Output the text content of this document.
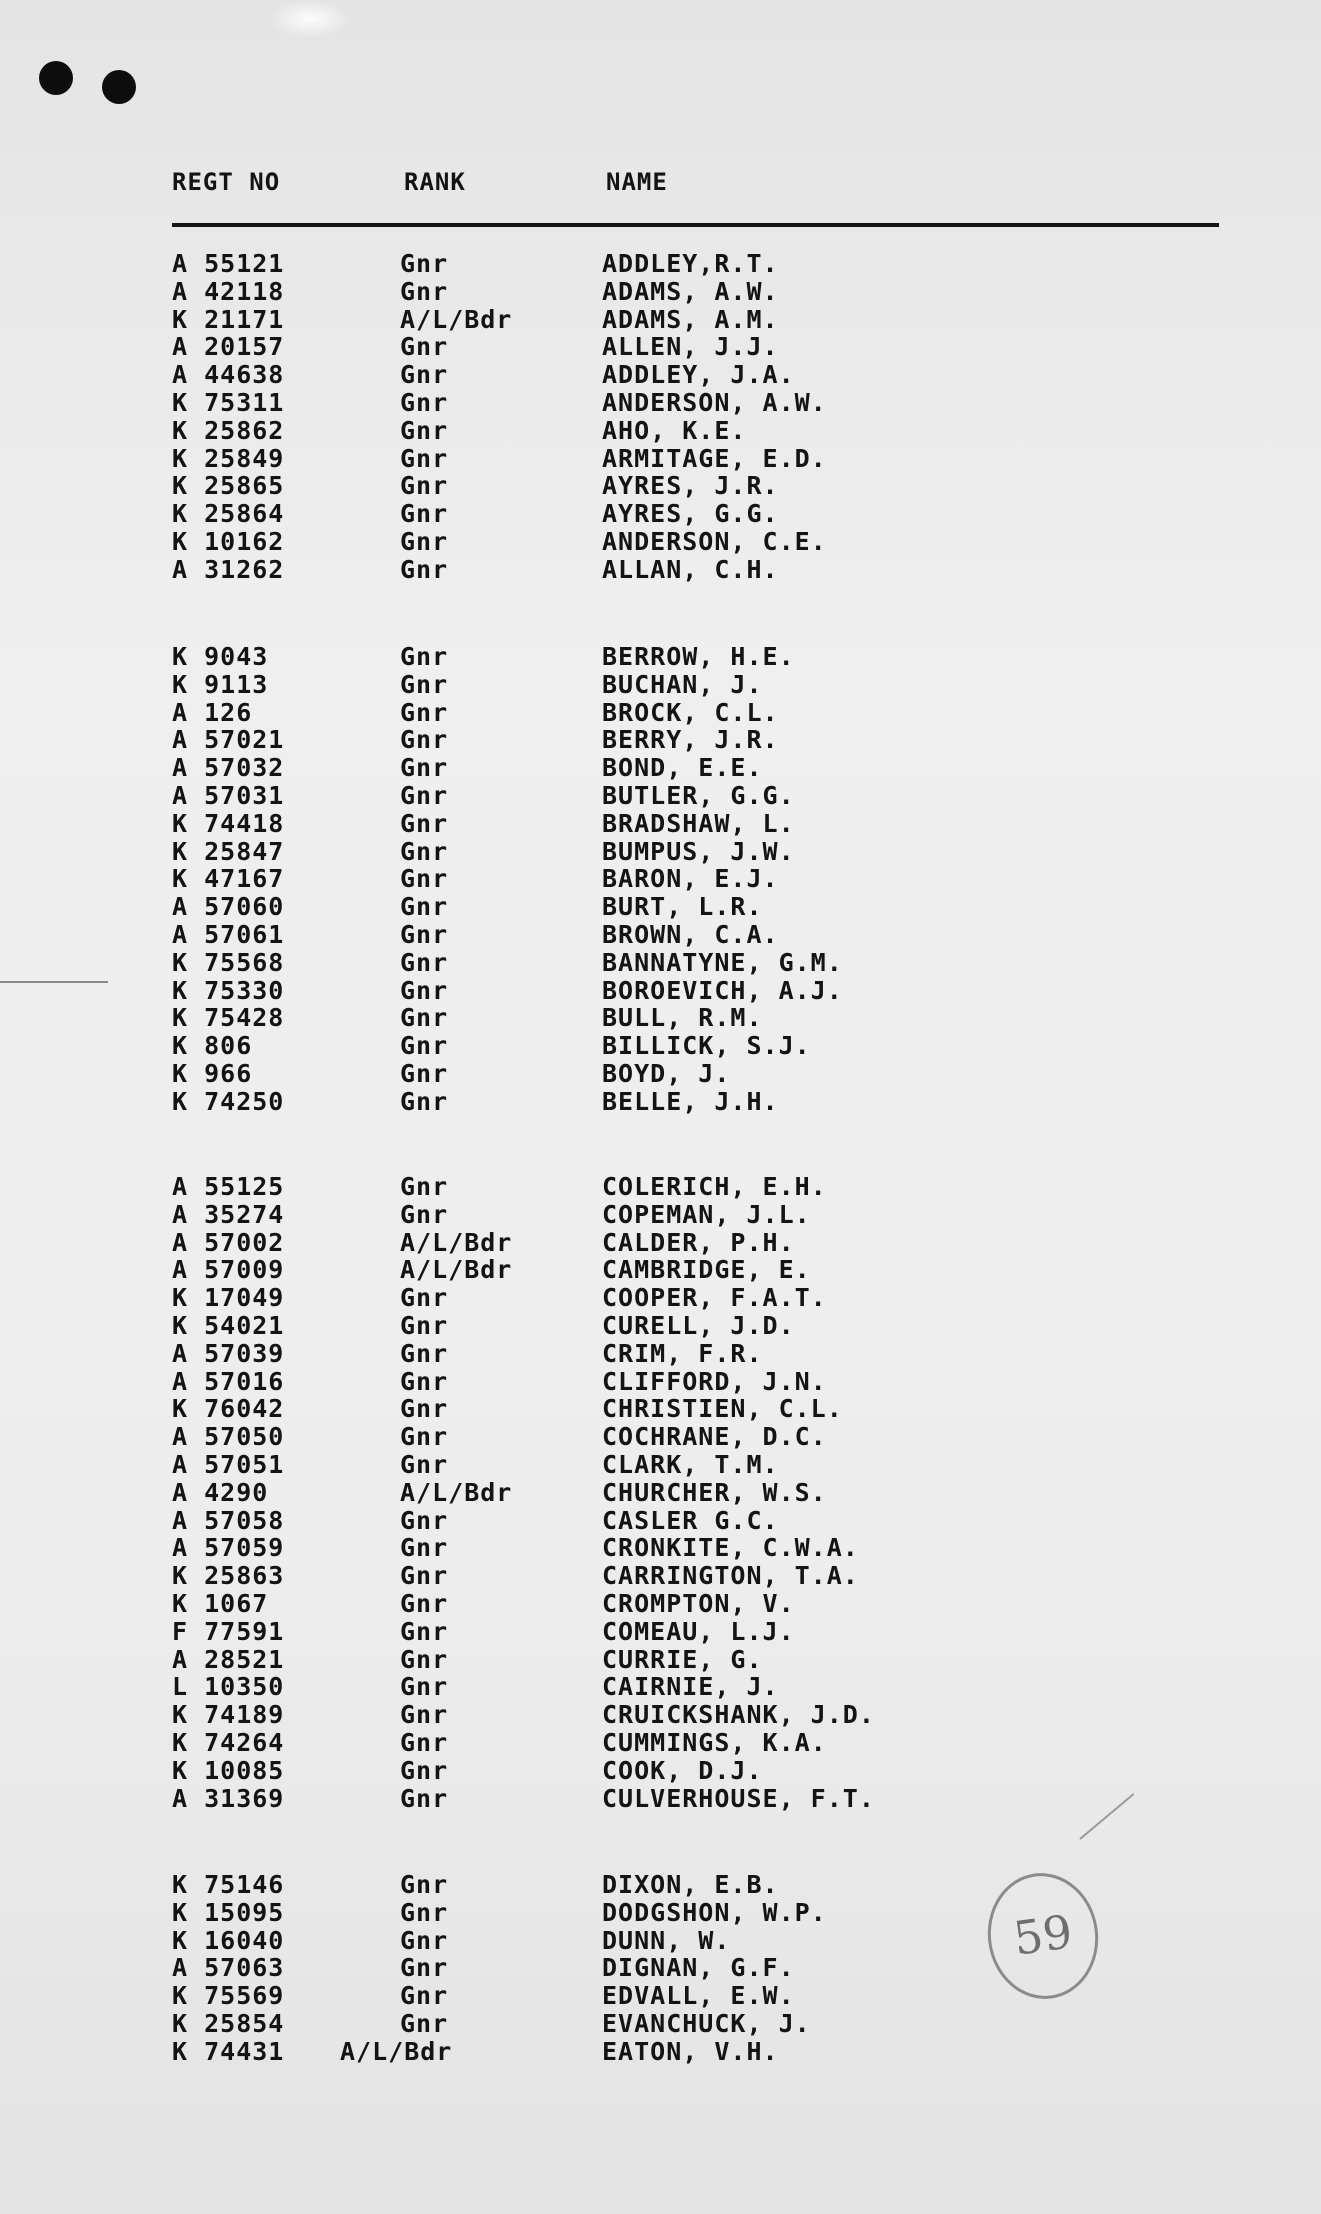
REGT NO	RANK	NAME
A 55121	Gnr	ADDLEY,R.T.
A 42118	Gnr	ADAMS, A.W.
K 21171	A/L/Bdr	ADAMS, A.M.
A 20157	Gnr	ALLEN, J.J.
A 44638	Gnr	ADDLEY, J.A.
K 75311	Gnr	ANDERSON, A.W.
K 25862	Gnr	AHO, K.E.
K 25849	Gnr	ARMITAGE, E.D.
K 25865	Gnr	AYRES, J.R.
K 25864	Gnr	AYRES, G.G.
K 10162	Gnr	ANDERSON, C.E.
A 31262	Gnr	ALLAN, C.H.
K 9043	Gnr	BERROW, H.E.
K 9113	Gnr	BUCHAN, J.
A 126	Gnr	BROCK, C.L.
A 57021	Gnr	BERRY, J.R.
A 57032	Gnr	BOND, E.E.
A 57031	Gnr	BUTLER, G.G.
K 74418	Gnr	BRADSHAW, L.
K 25847	Gnr	BUMPUS, J.W.
K 47167	Gnr	BARON, E.J.
A 57060	Gnr	BURT, L.R.
A 57061	Gnr	BROWN, C.A.
K 75568	Gnr	BANNATYNE, G.M.
K 75330	Gnr	BOROEVICH, A.J.
K 75428	Gnr	BULL, R.M.
K 806	Gnr	BILLICK, S.J.
K 966	Gnr	BOYD, J.
K 74250	Gnr	BELLE, J.H.
A 55125	Gnr	COLERICH, E.H.
A 35274	Gnr	COPEMAN, J.L.
A 57002	A/L/Bdr	CALDER, P.H.
A 57009	A/L/Bdr	CAMBRIDGE, E.
K 17049	Gnr	COOPER, F.A.T.
K 54021	Gnr	CURELL, J.D.
A 57039	Gnr	CRIM, F.R.
A 57016	Gnr	CLIFFORD, J.N.
K 76042	Gnr	CHRISTIEN, C.L.
A 57050	Gnr	COCHRANE, D.C.
A 57051	Gnr	CLARK, T.M.
A 4290	A/L/Bdr	CHURCHER, W.S.
A 57058	Gnr	CASLER G.C.
A 57059	Gnr	CRONKITE, C.W.A.
K 25863	Gnr	CARRINGTON, T.A.
K 1067	Gnr	CROMPTON, V.
F 77591	Gnr	COMEAU, L.J.
A 28521	Gnr	CURRIE, G.
L 10350	Gnr	CAIRNIE, J.
K 74189	Gnr	CRUICKSHANK, J.D.
K 74264	Gnr	CUMMINGS, K.A.
K 10085	Gnr	COOK, D.J.
A 31369	Gnr	CULVERHOUSE, F.T.
K 75146	Gnr	DIXON, E.B.
K 15095	Gnr	DODGSHON, W.P.
K 16040	Gnr	DUNN, W.
A 57063	Gnr	DIGNAN, G.F.
K 75569	Gnr	EDVALL, E.W.
K 25854	Gnr	EVANCHUCK, J.
K 74431 A/L/Bdr	EATON, V.H.
59
